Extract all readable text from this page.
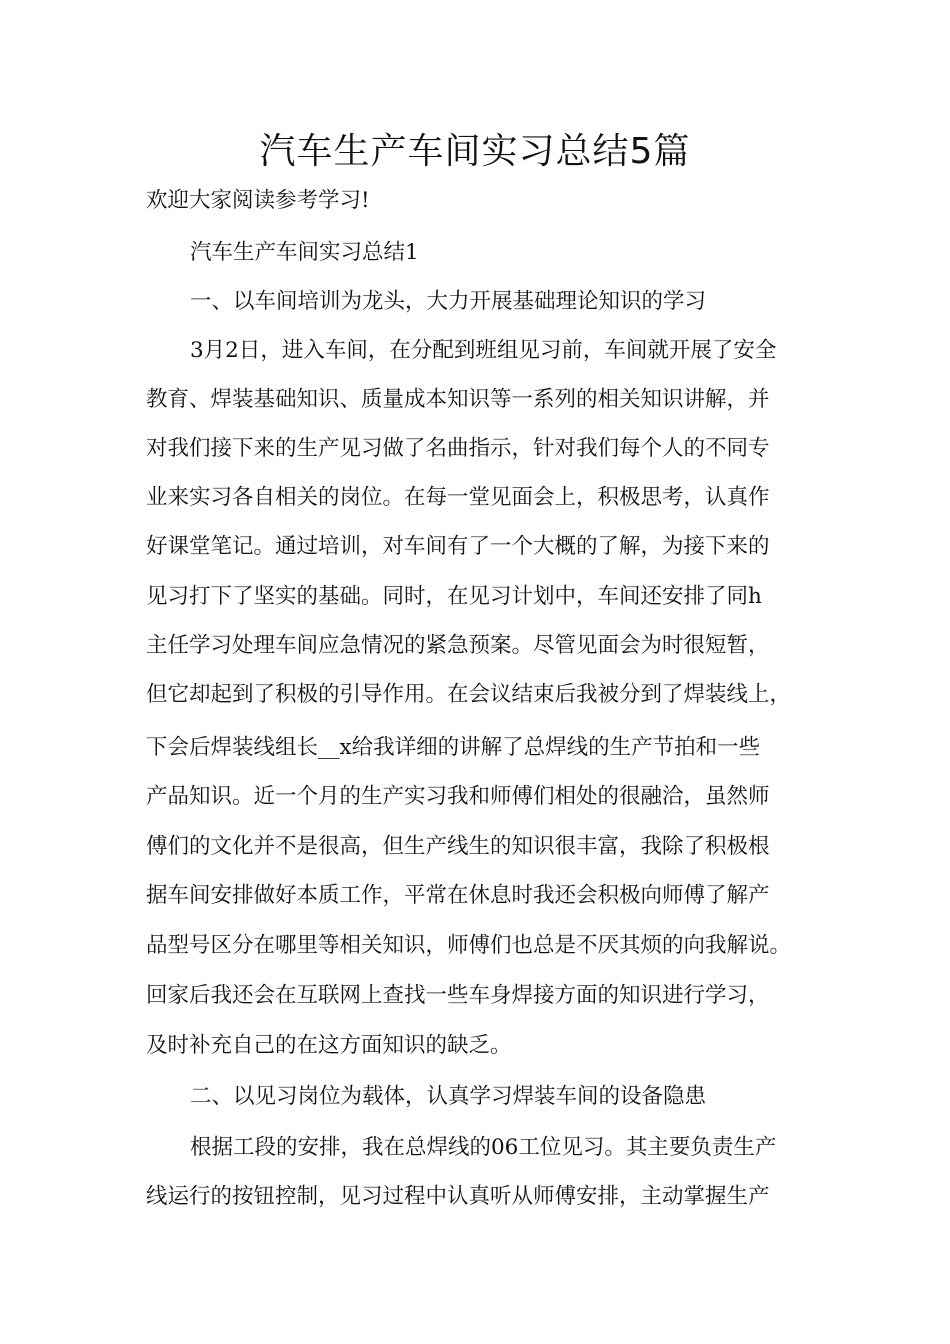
汽车生产车间实习总结5篇

欢迎大家阅读参考学习!

汽车生产车间实习总结1

一、以车间培训为龙头，大力开展基础理论知识的学习

3月2日，进入车间，在分配到班组见习前，车间就开展了安全

教育、焊装基础知识、质量成本知识等一系列的相关知识讲解，并

对我们接下来的生产见习做了名曲指示，针对我们每个人的不同专

业来实习各自相关的岗位。在每一堂见面会上，积极思考，认真作

好课堂笔记。通过培训，对车间有了一个大概的了解，为接下来的

见习打下了坚实的基础。同时，在见习计划中，车间还安排了同h

主任学习处理车间应急情况的紧急预案。尽管见面会为时很短暂，

但它却起到了积极的引导作用。在会议结束后我被分到了焊装线上，

下会后焊装线组长__x给我详细的讲解了总焊线的生产节拍和一些

产品知识。近一个月的生产实习我和师傅们相处的很融洽，虽然师

傅们的文化并不是很高，但生产线生的知识很丰富，我除了积极根

据车间安排做好本质工作，平常在休息时我还会积极向师傅了解产

品型号区分在哪里等相关知识，师傅们也总是不厌其烦的向我解说。

回家后我还会在互联网上查找一些车身焊接方面的知识进行学习，

及时补充自己的在这方面知识的缺乏。

二、以见习岗位为载体，认真学习焊装车间的设备隐患

根据工段的安排，我在总焊线的06工位见习。其主要负责生产

线运行的按钮控制，见习过程中认真听从师傅安排，主动掌握生产
